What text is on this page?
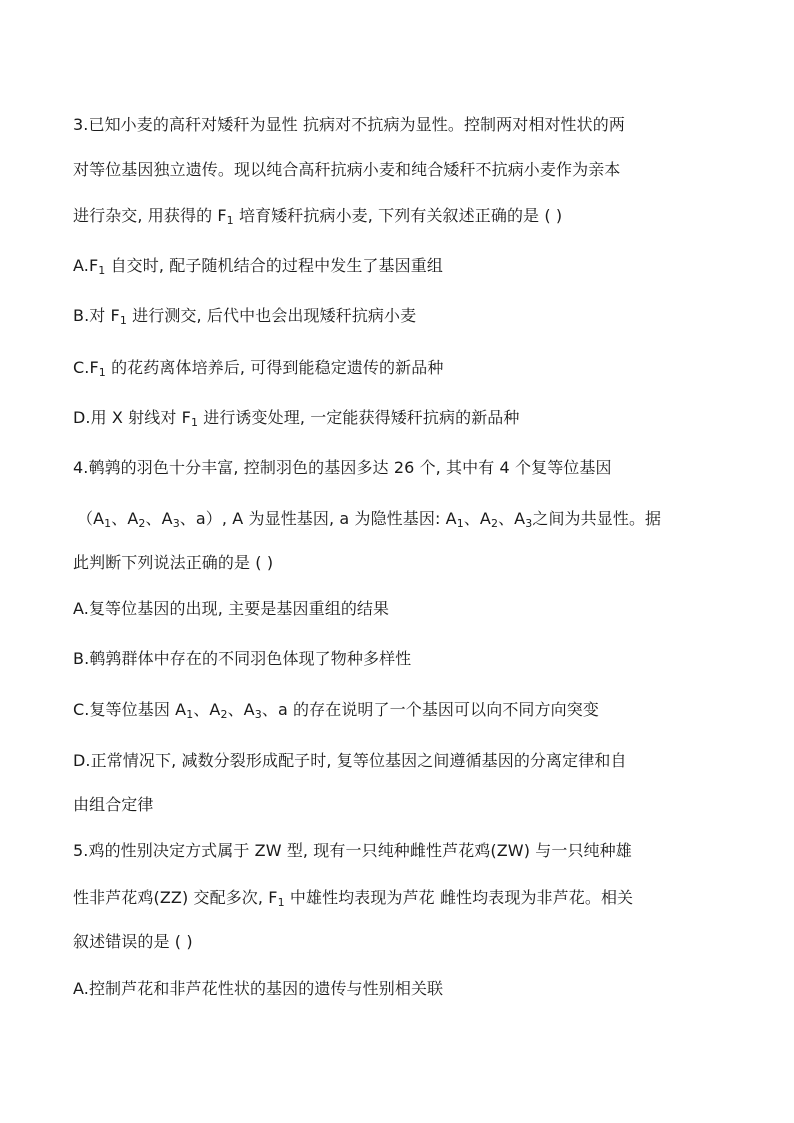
3.已知小麦的高秆对矮秆为显性 抗病对不抗病为显性。控制两对相对性状的两
对等位基因独立遗传。现以纯合高秆抗病小麦和纯合矮秆不抗病小麦作为亲本
进行杂交, 用获得的 $F_1$ 培育矮秆抗病小麦, 下列有关叙述正确的是 ( )
$A.F_1$ 自交时, 配子随机结合的过程中发生了基因重组
B.对 $F_1$ 进行测交, 后代中也会出现矮秆抗病小麦
$C.F_1$ 的花药离体培养后, 可得到能稳定遗传的新品种
D.用 X 射线对 $F_1$ 进行诱变处理, 一定能获得矮秆抗病的新品种
4.鹌鹑的羽色十分丰富, 控制羽色的基因多达 26 个, 其中有 4 个复等位基因
（$A_1$、$A_2$、$A_3$、a）, A 为显性基因, a 为隐性基因: $A_1$、$A_2$、$A_3$之间为共显性。据
此判断下列说法正确的是 ( )
A.复等位基因的出现, 主要是基因重组的结果
B.鹌鹑群体中存在的不同羽色体现了物种多样性
C.复等位基因 $A_1$、$A_2$、$A_3$、a 的存在说明了一个基因可以向不同方向突变
D.正常情况下, 减数分裂形成配子时, 复等位基因之间遵循基因的分离定律和自
由组合定律
5.鸡的性别决定方式属于 ZW 型, 现有一只纯种雌性芦花鸡(ZW) 与一只纯种雄
性非芦花鸡(ZZ) 交配多次, $F_1$ 中雄性均表现为芦花 雌性均表现为非芦花。相关
叙述错误的是 ( )
A.控制芦花和非芦花性状的基因的遗传与性别相关联
